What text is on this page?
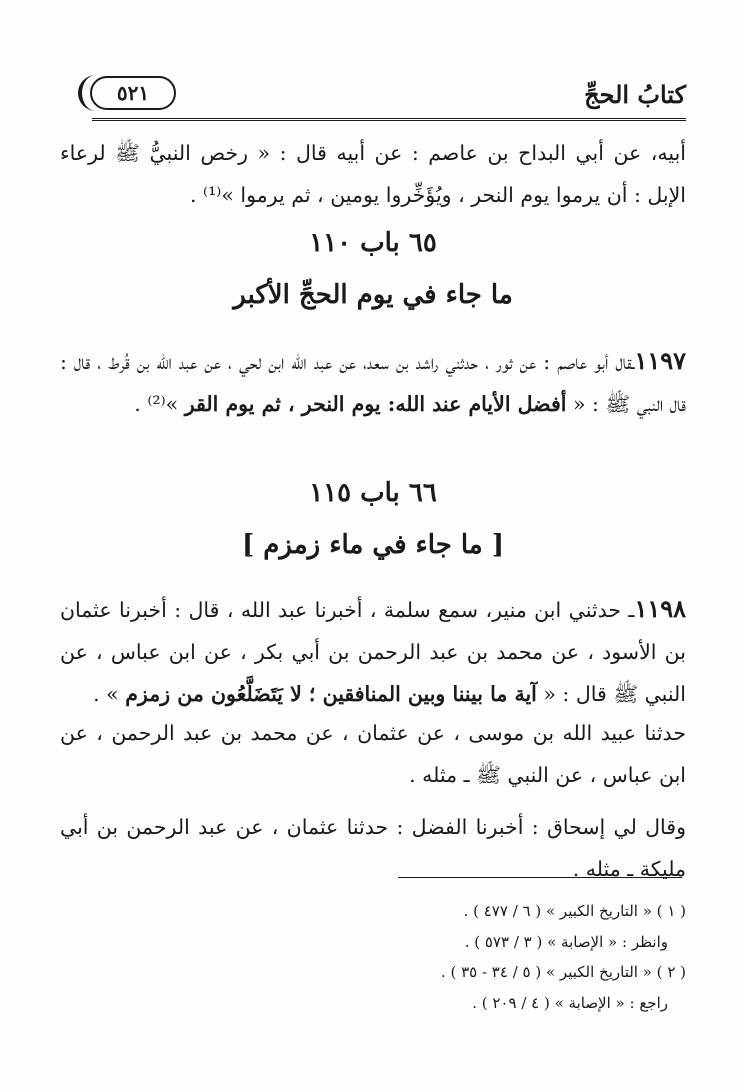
كتابُ الحجِّ
٥٢١
أبيه، عن أبي البداح بن عاصم : عن أبيه قال : « رخص النبيُّ ﷺ لرعاء الإبل : أن يرموا يوم النحر ، ويُؤَخِّروا يومين ، ثم يرموا »⁽¹⁾ .
٦٥ باب ١١٠
ما جاء في يوم الحجِّ الأكبر
١١٩٧ـقال أبو عاصم : عن ثور ، حدثني راشد بن سعد، عن عبد الله ابن لحي ، عن عبد الله بن قُرط ، قال : قال النبي ﷺ : « أفضل الأيام عند الله: يوم النحر ، ثم يوم القر »⁽²⁾ .
٦٦ باب ١١٥
[ ما جاء في ماء زمزم ]
١١٩٨ـ حدثني ابن منير، سمع سلمة ، أخبرنا عبد الله ، قال : أخبرنا عثمان بن الأسود ، عن محمد بن عبد الرحمن بن أبي بكر ، عن ابن عباس ، عن النبي ﷺ قال : « آية ما بيننا وبين المنافقين ؛ لا يَتَضَلَّعُون من زمزم » .
حدثنا عبيد الله بن موسى ، عن عثمان ، عن محمد بن عبد الرحمن ، عن ابن عباس ، عن النبي ﷺ ـ مثله .
وقال لي إسحاق : أخبرنا الفضل : حدثنا عثمان ، عن عبد الرحمن بن أبي مليكة ـ مثله .
( ١ ) « التاريخ الكبير » ( ٦ / ٤٧٧ ) .
وانظر : « الإصابة » ( ٣ / ٥٧٣ ) .
( ٢ ) « التاريخ الكبير » ( ٥ / ٣٤ - ٣٥ ) .
راجع : « الإصابة » ( ٤ / ٢٠٩ ) .
